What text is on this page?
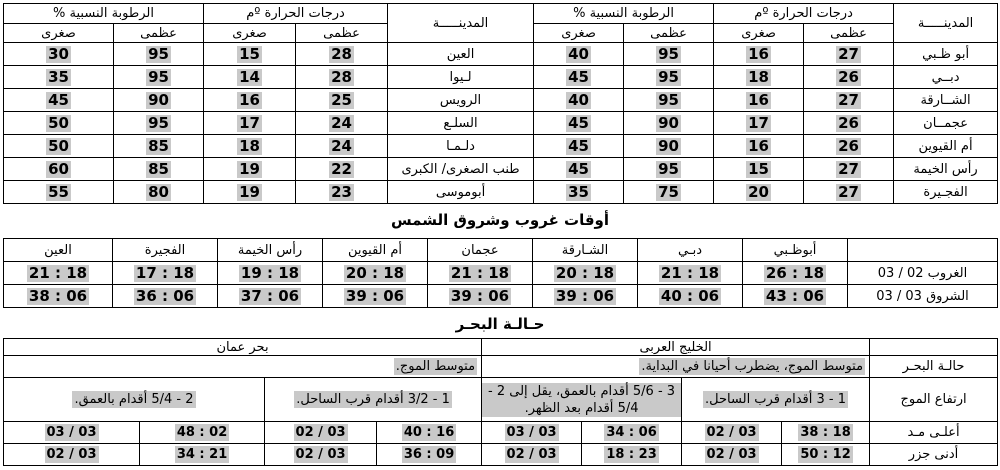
المدينـــــة	درجات الحرارة ºم		الرطوبة النسبية %		المدينـــــة	درجات الحرارة ºم		الرطوبة النسبية %	
	عظمى	صغرى	عظمى	صغرى		عظمى	صغرى	عظمى	صغرى
أبو ظـبي	27	16	95	40	العين	28	15	95	30
دبــي	26	18	95	45	لـيوا	28	14	95	35
الشــارقة	27	16	95	40	الرويس	25	16	90	45
عجمــان	26	17	90	45	السلـع	24	17	95	50
أم القيوين	26	16	90	45	دلـمـا	24	18	85	50
رأس الخيمة	27	15	95	45	طنب الصغرى/ الكبرى	22	19	85	60
الفجـيرة	27	20	75	35	أبوموسى	23	19	80	55
أوقات غروب وشروق الشمس
	أبوظـبي	دبـي	الشـارقة	عجمان	أم القيوين	رأس الخيمة	الفجيرة	العين
الغروب 02 / 03	18 : 26	18 : 21	18 : 20	18 : 21	18 : 20	18 : 19	18 : 17	18 : 21
الشروق 03 / 03	06 : 43	06 : 40	06 : 39	06 : 39	06 : 39	06 : 37	06 : 36	06 : 38
حـالـة البحـر
	الخليج العربى				بحر عمان			
حالـة البحـر	متوسط الموج، يضطرب أحيانا في البداية.				متوسط الموج.			
ارتفاع الموج	1 - 3 أقدام قرب الساحل.		3 - 5/6 أقدام بالعمق، يقل إلى 2 - 5/4 أقدام بعد الظهر.		1 - 3/2 أقدام قرب الساحل.		2 - 5/4 أقدام بالعمق.	
أعلـى مـد	18 : 38	03 / 02	06 : 34	03 / 03	16 : 40	03 / 02	02 : 48	03 / 03
أدنى جزر	12 : 50	03 / 02	23 : 18	03 / 02	09 : 36	03 / 02	21 : 34	03 / 02
